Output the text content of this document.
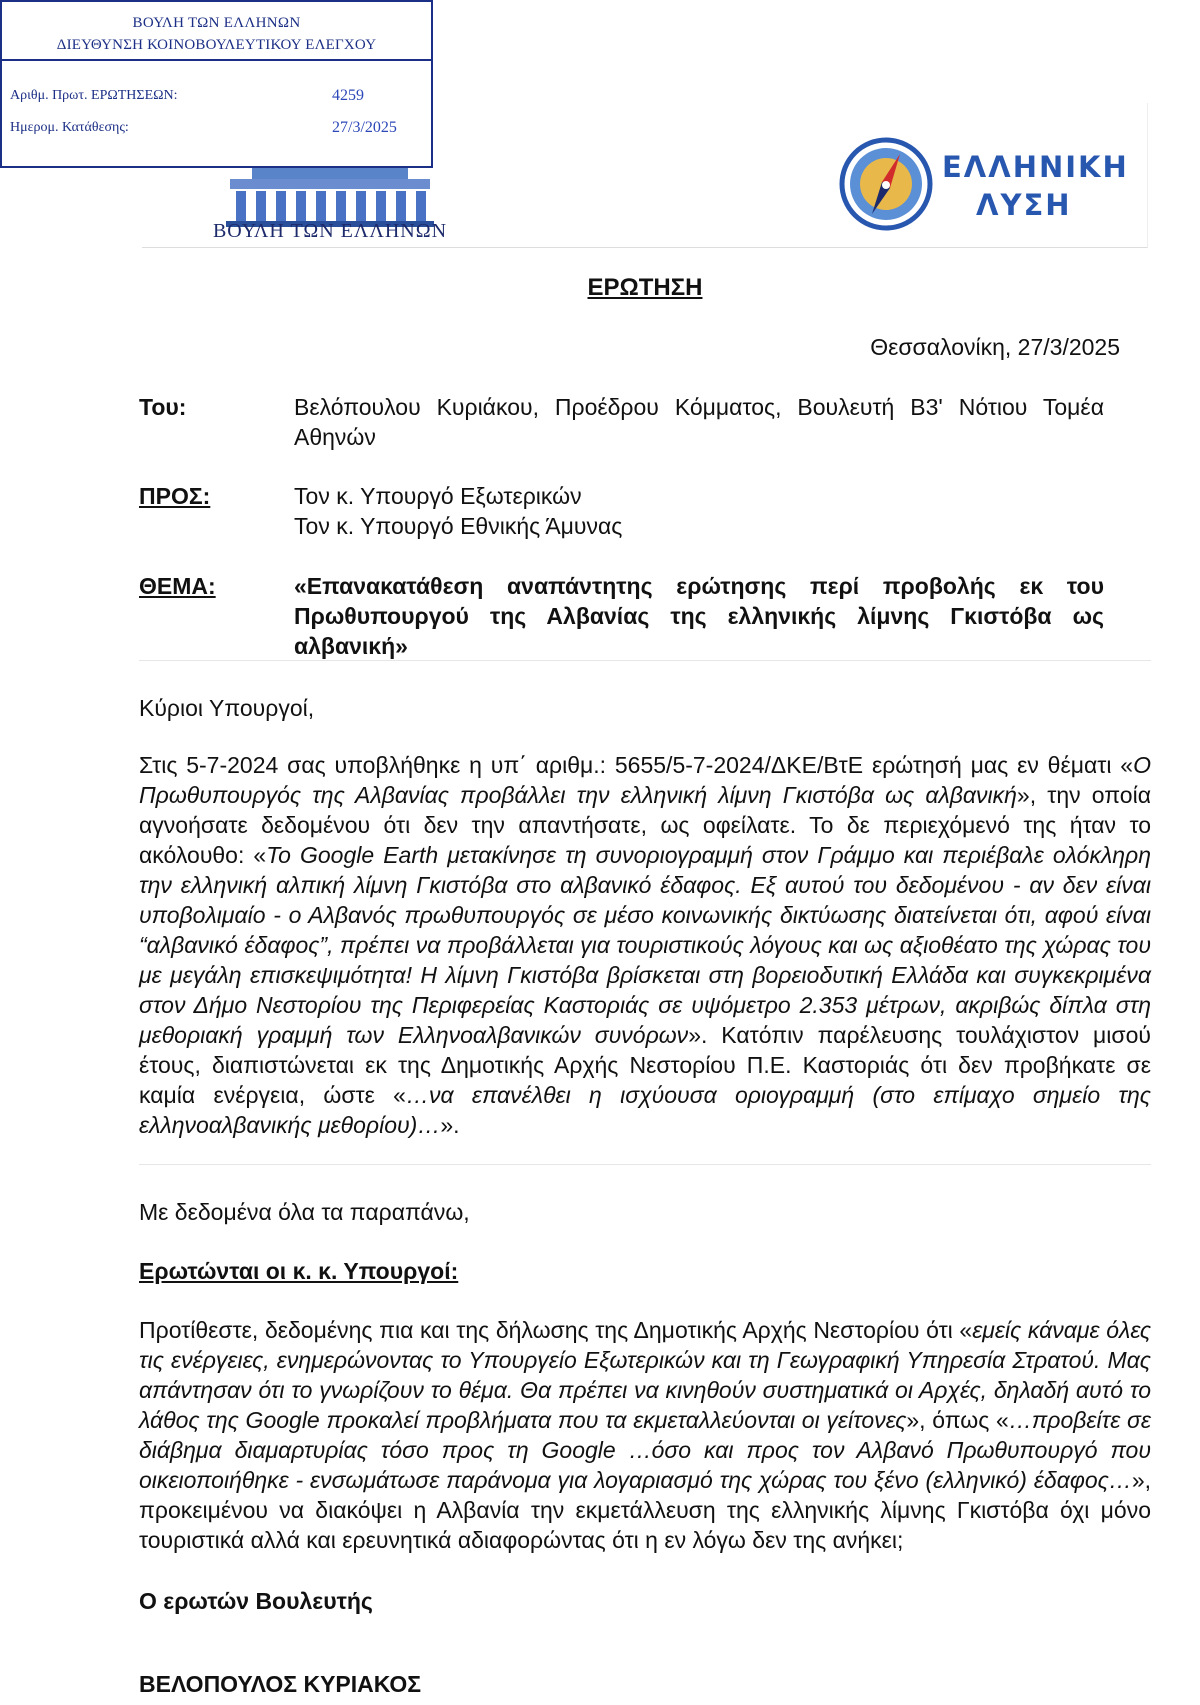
ΒΟΥΛΗ ΤΩΝ ΕΛΛΗΝΩΝ
ΔΙΕΥΘΥΝΣΗ ΚΟΙΝΟΒΟΥΛΕΥΤΙΚΟΥ ΕΛΕΓΧΟΥ
Αριθμ. Πρωτ. ΕΡΩΤΗΣΕΩΝ:	4259
Ημερομ. Κατάθεσης:	27/3/2025
ΒΟΥΛΗ ΤΩΝ ΕΛΛΗΝΩΝ
ΕΛΛΗΝΙΚΗ
ΛΥΣΗ
ΕΡΩΤΗΣΗ
Θεσσαλονίκη, 27/3/2025
Του:	Βελόπουλου Κυριάκου, Προέδρου Κόμματος, Βουλευτή Β3' Νότιου Τομέα Αθηνών
ΠΡΟΣ:	Τον κ. Υπουργό Εξωτερικών
Τον κ. Υπουργό Εθνικής Άμυνας
ΘΕΜΑ:	«Επανακατάθεση αναπάντητης ερώτησης περί προβολής εκ του Πρωθυπουργού της Αλβανίας της ελληνικής λίμνης Γκιστόβα ως αλβανική»
Κύριοι Υπουργοί,
Στις 5-7-2024 σας υποβλήθηκε η υπ΄ αριθμ.: 5655/5-7-2024/ΔΚΕ/ΒτΕ ερώτησή μας εν θέματι «Ο Πρωθυπουργός της Αλβανίας προβάλλει την ελληνική λίμνη Γκιστόβα ως αλβανική», την οποία αγνοήσατε δεδομένου ότι δεν την απαντήσατε, ως οφείλατε. Το δε περιεχόμενό της ήταν το ακόλουθο: «Το Google Earth μετακίνησε τη συνοριογραμμή στον Γράμμο και περιέβαλε ολόκληρη την ελληνική αλπική λίμνη Γκιστόβα στο αλβανικό έδαφος. Εξ αυτού του δεδομένου - αν δεν είναι υποβολιμαίο - ο Αλβανός πρωθυπουργός σε μέσο κοινωνικής δικτύωσης διατείνεται ότι, αφού είναι “αλβανικό έδαφος”, πρέπει να προβάλλεται για τουριστικούς λόγους και ως αξιοθέατο της χώρας του με μεγάλη επισκεψιμότητα! Η λίμνη Γκιστόβα βρίσκεται στη βορειοδυτική Ελλάδα και συγκεκριμένα στον Δήμο Νεστορίου της Περιφερείας Καστοριάς σε υψόμετρο 2.353 μέτρων, ακριβώς δίπλα στη μεθοριακή γραμμή των Ελληνοαλβανικών συνόρων». Κατόπιν παρέλευσης τουλάχιστον μισού έτους, διαπιστώνεται εκ της Δημοτικής Αρχής Νεστορίου Π.Ε. Καστοριάς ότι δεν προβήκατε σε καμία ενέργεια, ώστε «…να επανέλθει η ισχύουσα οριογραμμή (στο επίμαχο σημείο της ελληνοαλβανικής μεθορίου)…».
Με δεδομένα όλα τα παραπάνω,
Ερωτώνται οι κ. κ. Υπουργοί:
Προτίθεστε, δεδομένης πια και της δήλωσης της Δημοτικής Αρχής Νεστορίου ότι «εμείς κάναμε όλες τις ενέργειες, ενημερώνοντας το Υπουργείο Εξωτερικών και τη Γεωγραφική Υπηρεσία Στρατού. Μας απάντησαν ότι το γνωρίζουν το θέμα. Θα πρέπει να κινηθούν συστηματικά οι Αρχές, δηλαδή αυτό το λάθος της Google προκαλεί προβλήματα που τα εκμεταλλεύονται οι γείτονες», όπως «…προβείτε σε διάβημα διαμαρτυρίας τόσο προς τη Google …όσο και προς τον Αλβανό Πρωθυπουργό που οικειοποιήθηκε - ενσωμάτωσε παράνομα για λογαριασμό της χώρας του ξένο (ελληνικό) έδαφος…», προκειμένου να διακόψει η Αλβανία την εκμετάλλευση της ελληνικής λίμνης Γκιστόβα όχι μόνο τουριστικά αλλά και ερευνητικά αδιαφορώντας ότι η εν λόγω δεν της ανήκει;
Ο ερωτών Βουλευτής
ΒΕΛΟΠΟΥΛΟΣ ΚΥΡΙΑΚΟΣ
